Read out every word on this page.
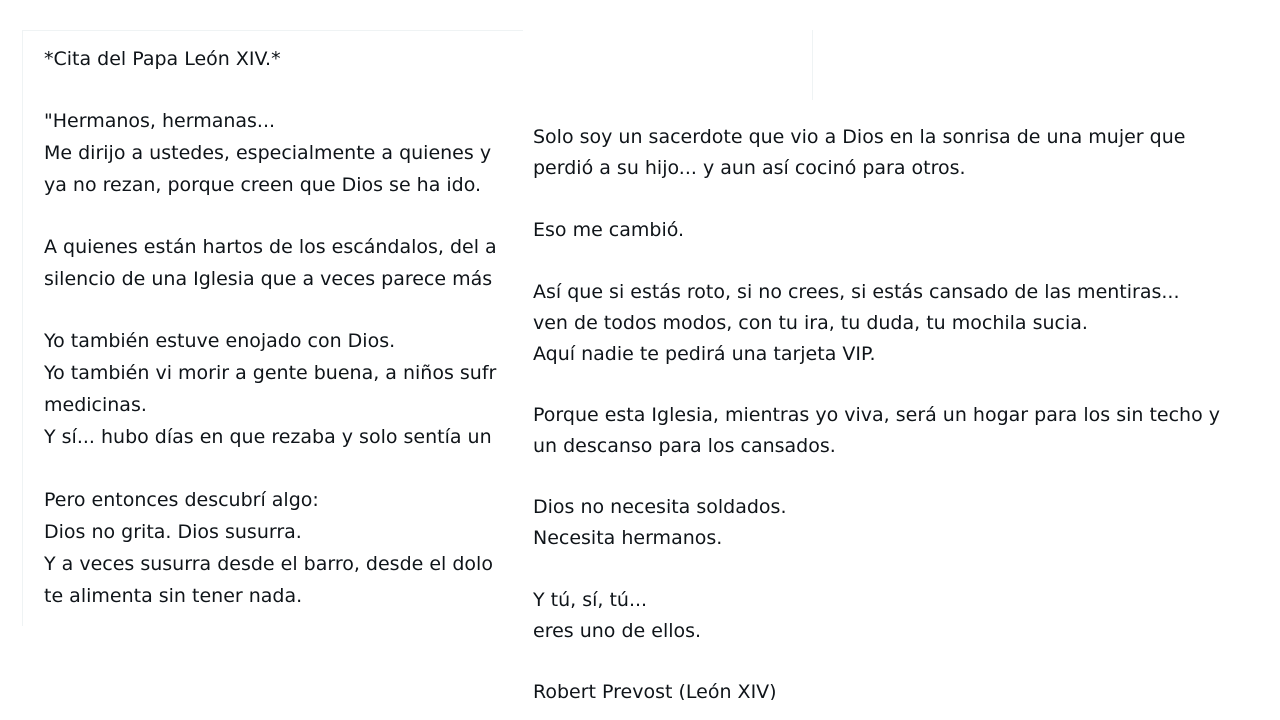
*Cita del Papa León XIV.*
"Hermanos, hermanas...
Me dirijo a ustedes, especialmente a quienes y
ya no rezan, porque creen que Dios se ha ido.
A quienes están hartos de los escándalos, del a
silencio de una Iglesia que a veces parece más
Yo también estuve enojado con Dios.
Yo también vi morir a gente buena, a niños sufr
medicinas.
Y sí... hubo días en que rezaba y solo sentía un
Pero entonces descubrí algo:
Dios no grita. Dios susurra.
Y a veces susurra desde el barro, desde el dolo
te alimenta sin tener nada.
Solo soy un sacerdote que vio a Dios en la sonrisa de una mujer que
perdió a su hijo... y aun así cocinó para otros.
Eso me cambió.
Así que si estás roto, si no crees, si estás cansado de las mentiras...
ven de todos modos, con tu ira, tu duda, tu mochila sucia.
Aquí nadie te pedirá una tarjeta VIP.
Porque esta Iglesia, mientras yo viva, será un hogar para los sin techo y
un descanso para los cansados.
Dios no necesita soldados.
Necesita hermanos.
Y tú, sí, tú...
eres uno de ellos.
Robert Prevost (León XIV)
